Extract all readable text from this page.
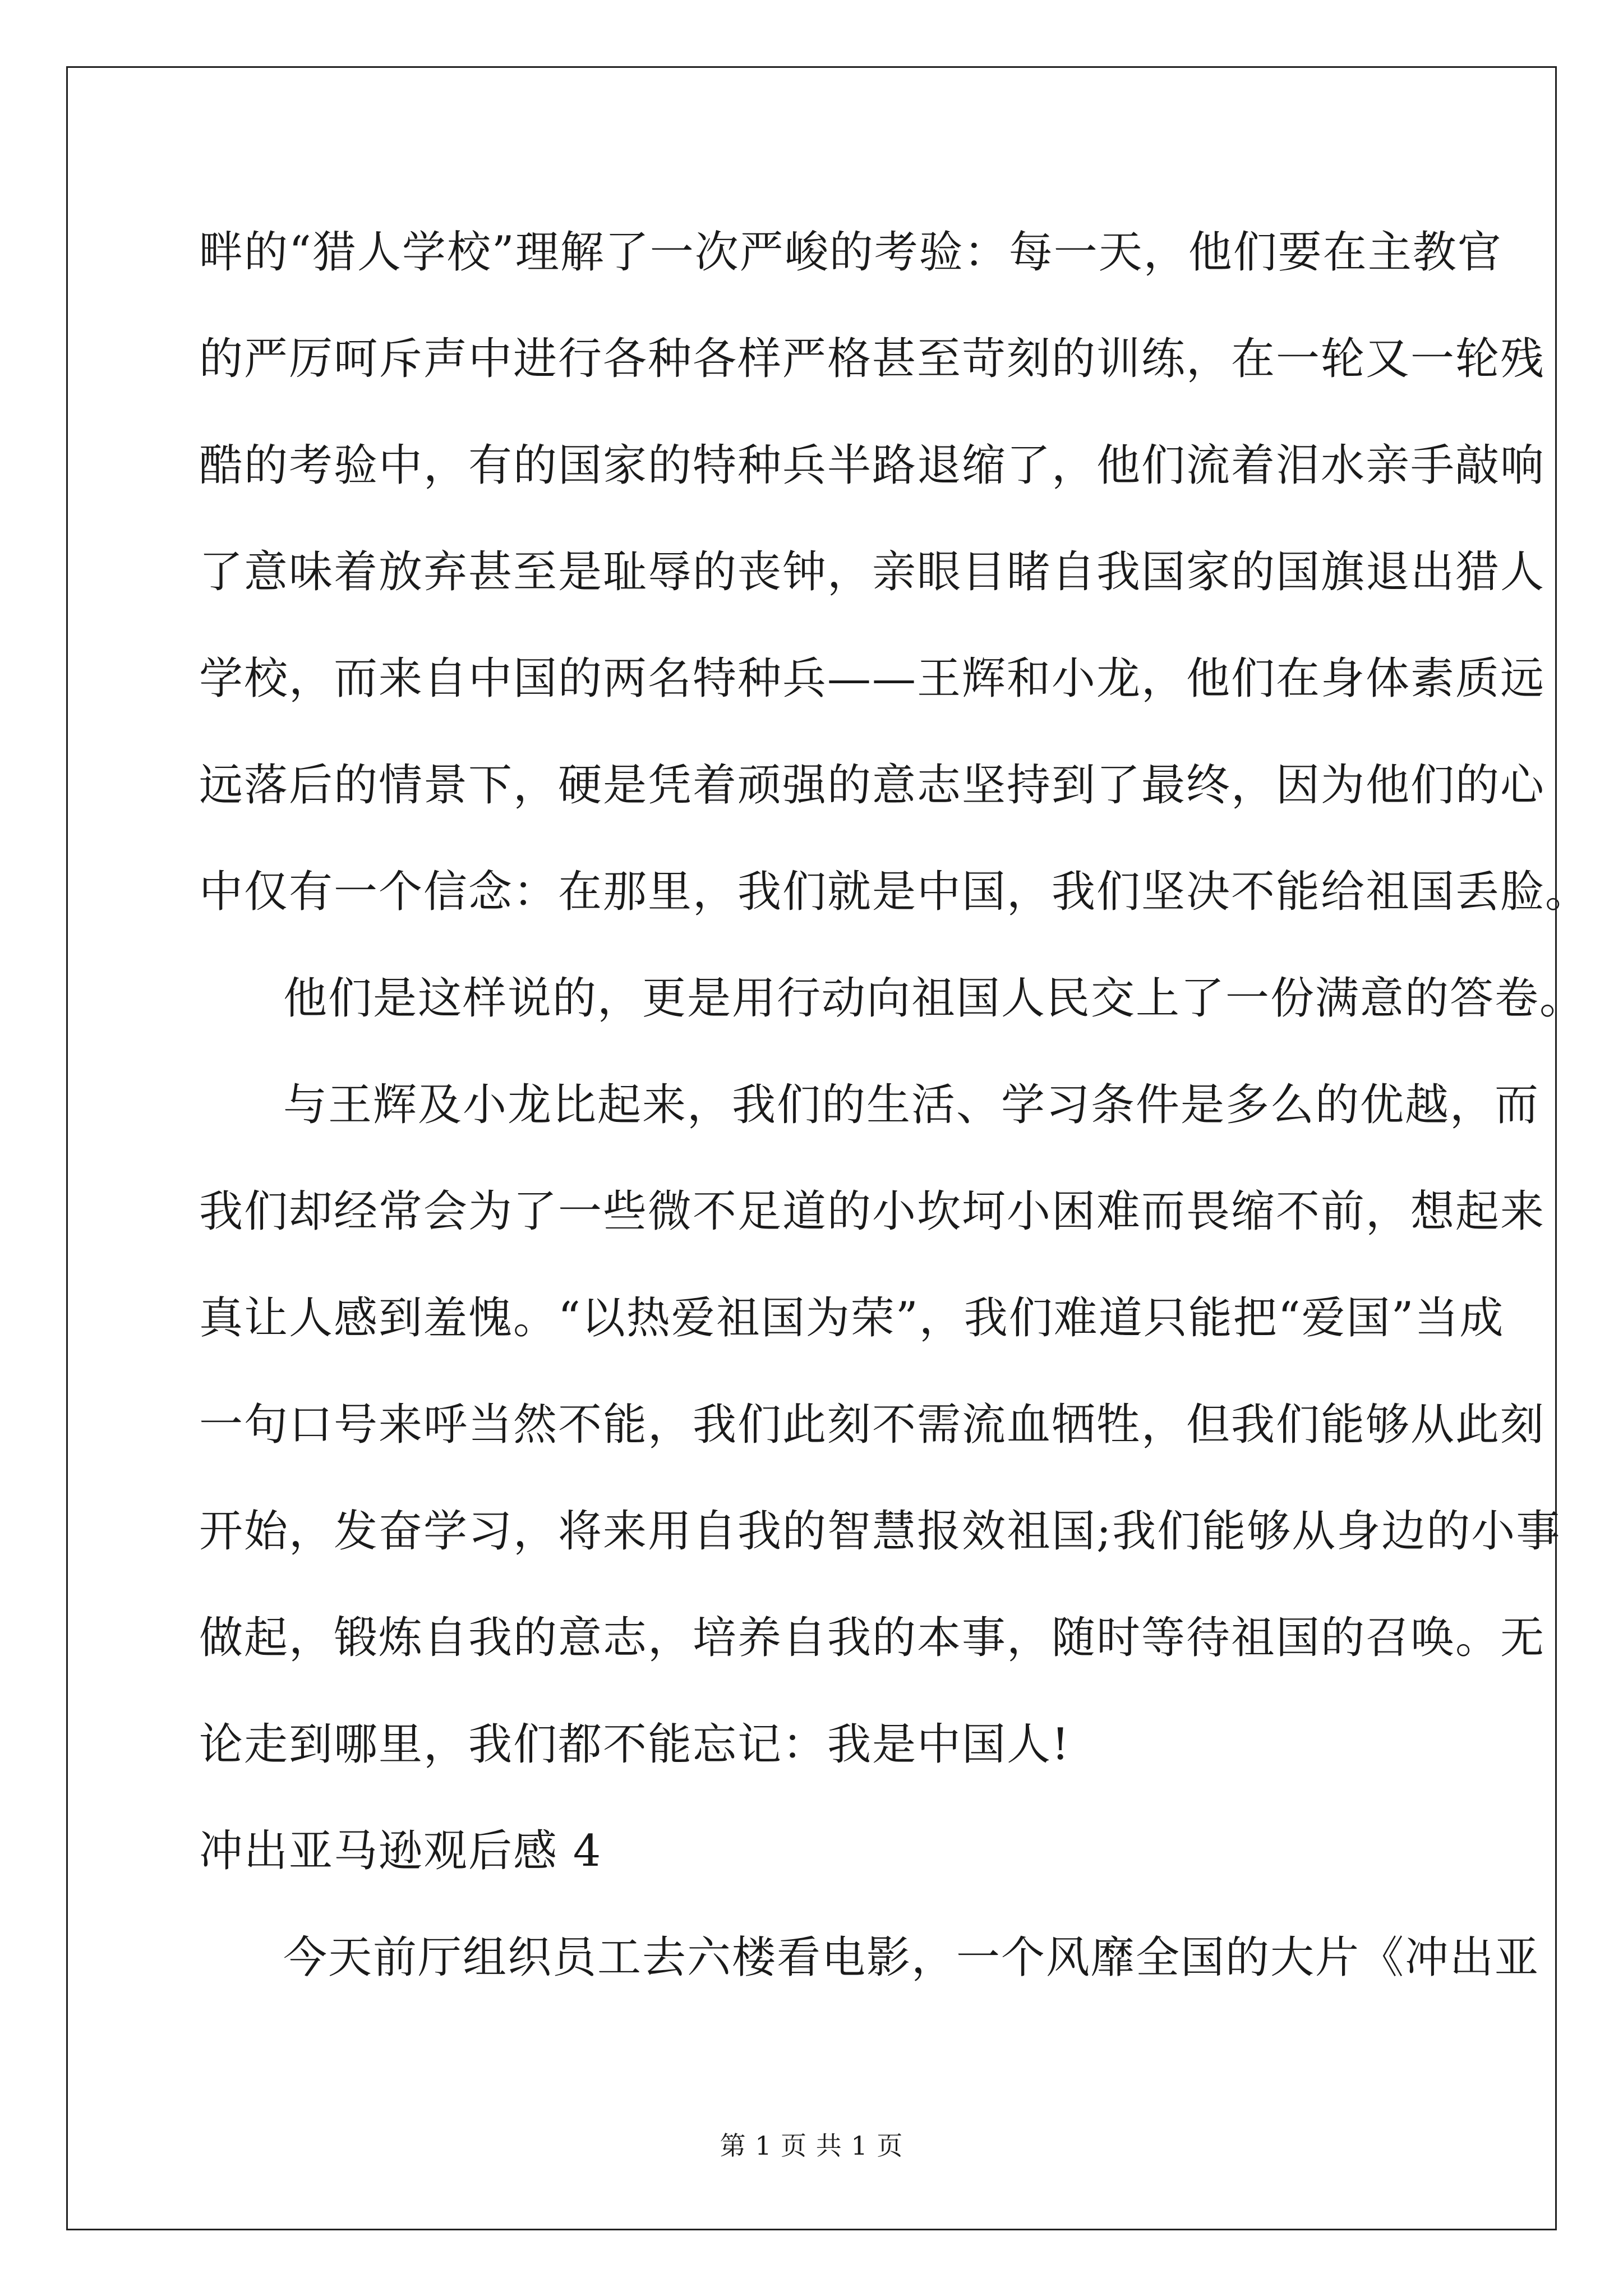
畔的“猎人学校”理解了一次严峻的考验：每一天，他们要在主教官
的严厉呵斥声中进行各种各样严格甚至苛刻的训练，在一轮又一轮残
酷的考验中，有的国家的特种兵半路退缩了，他们流着泪水亲手敲响
了意味着放弃甚至是耻辱的丧钟，亲眼目睹自我国家的国旗退出猎人
学校，而来自中国的两名特种兵——王辉和小龙，他们在身体素质远
远落后的情景下，硬是凭着顽强的意志坚持到了最终，因为他们的心
中仅有一个信念：在那里，我们就是中国，我们坚决不能给祖国丢脸。
他们是这样说的，更是用行动向祖国人民交上了一份满意的答卷。
与王辉及小龙比起来，我们的生活、学习条件是多么的优越，而
我们却经常会为了一些微不足道的小坎坷小困难而畏缩不前，想起来
真让人感到羞愧。“以热爱祖国为荣”，我们难道只能把“爱国”当成
一句口号来呼当然不能，我们此刻不需流血牺牲，但我们能够从此刻
开始，发奋学习，将来用自我的智慧报效祖国;我们能够从身边的小事
做起，锻炼自我的意志，培养自我的本事，随时等待祖国的召唤。无
论走到哪里，我们都不能忘记：我是中国人!
冲出亚马逊观后感 4
今天前厅组织员工去六楼看电影，一个风靡全国的大片《冲出亚
第 1 页 共 1 页
